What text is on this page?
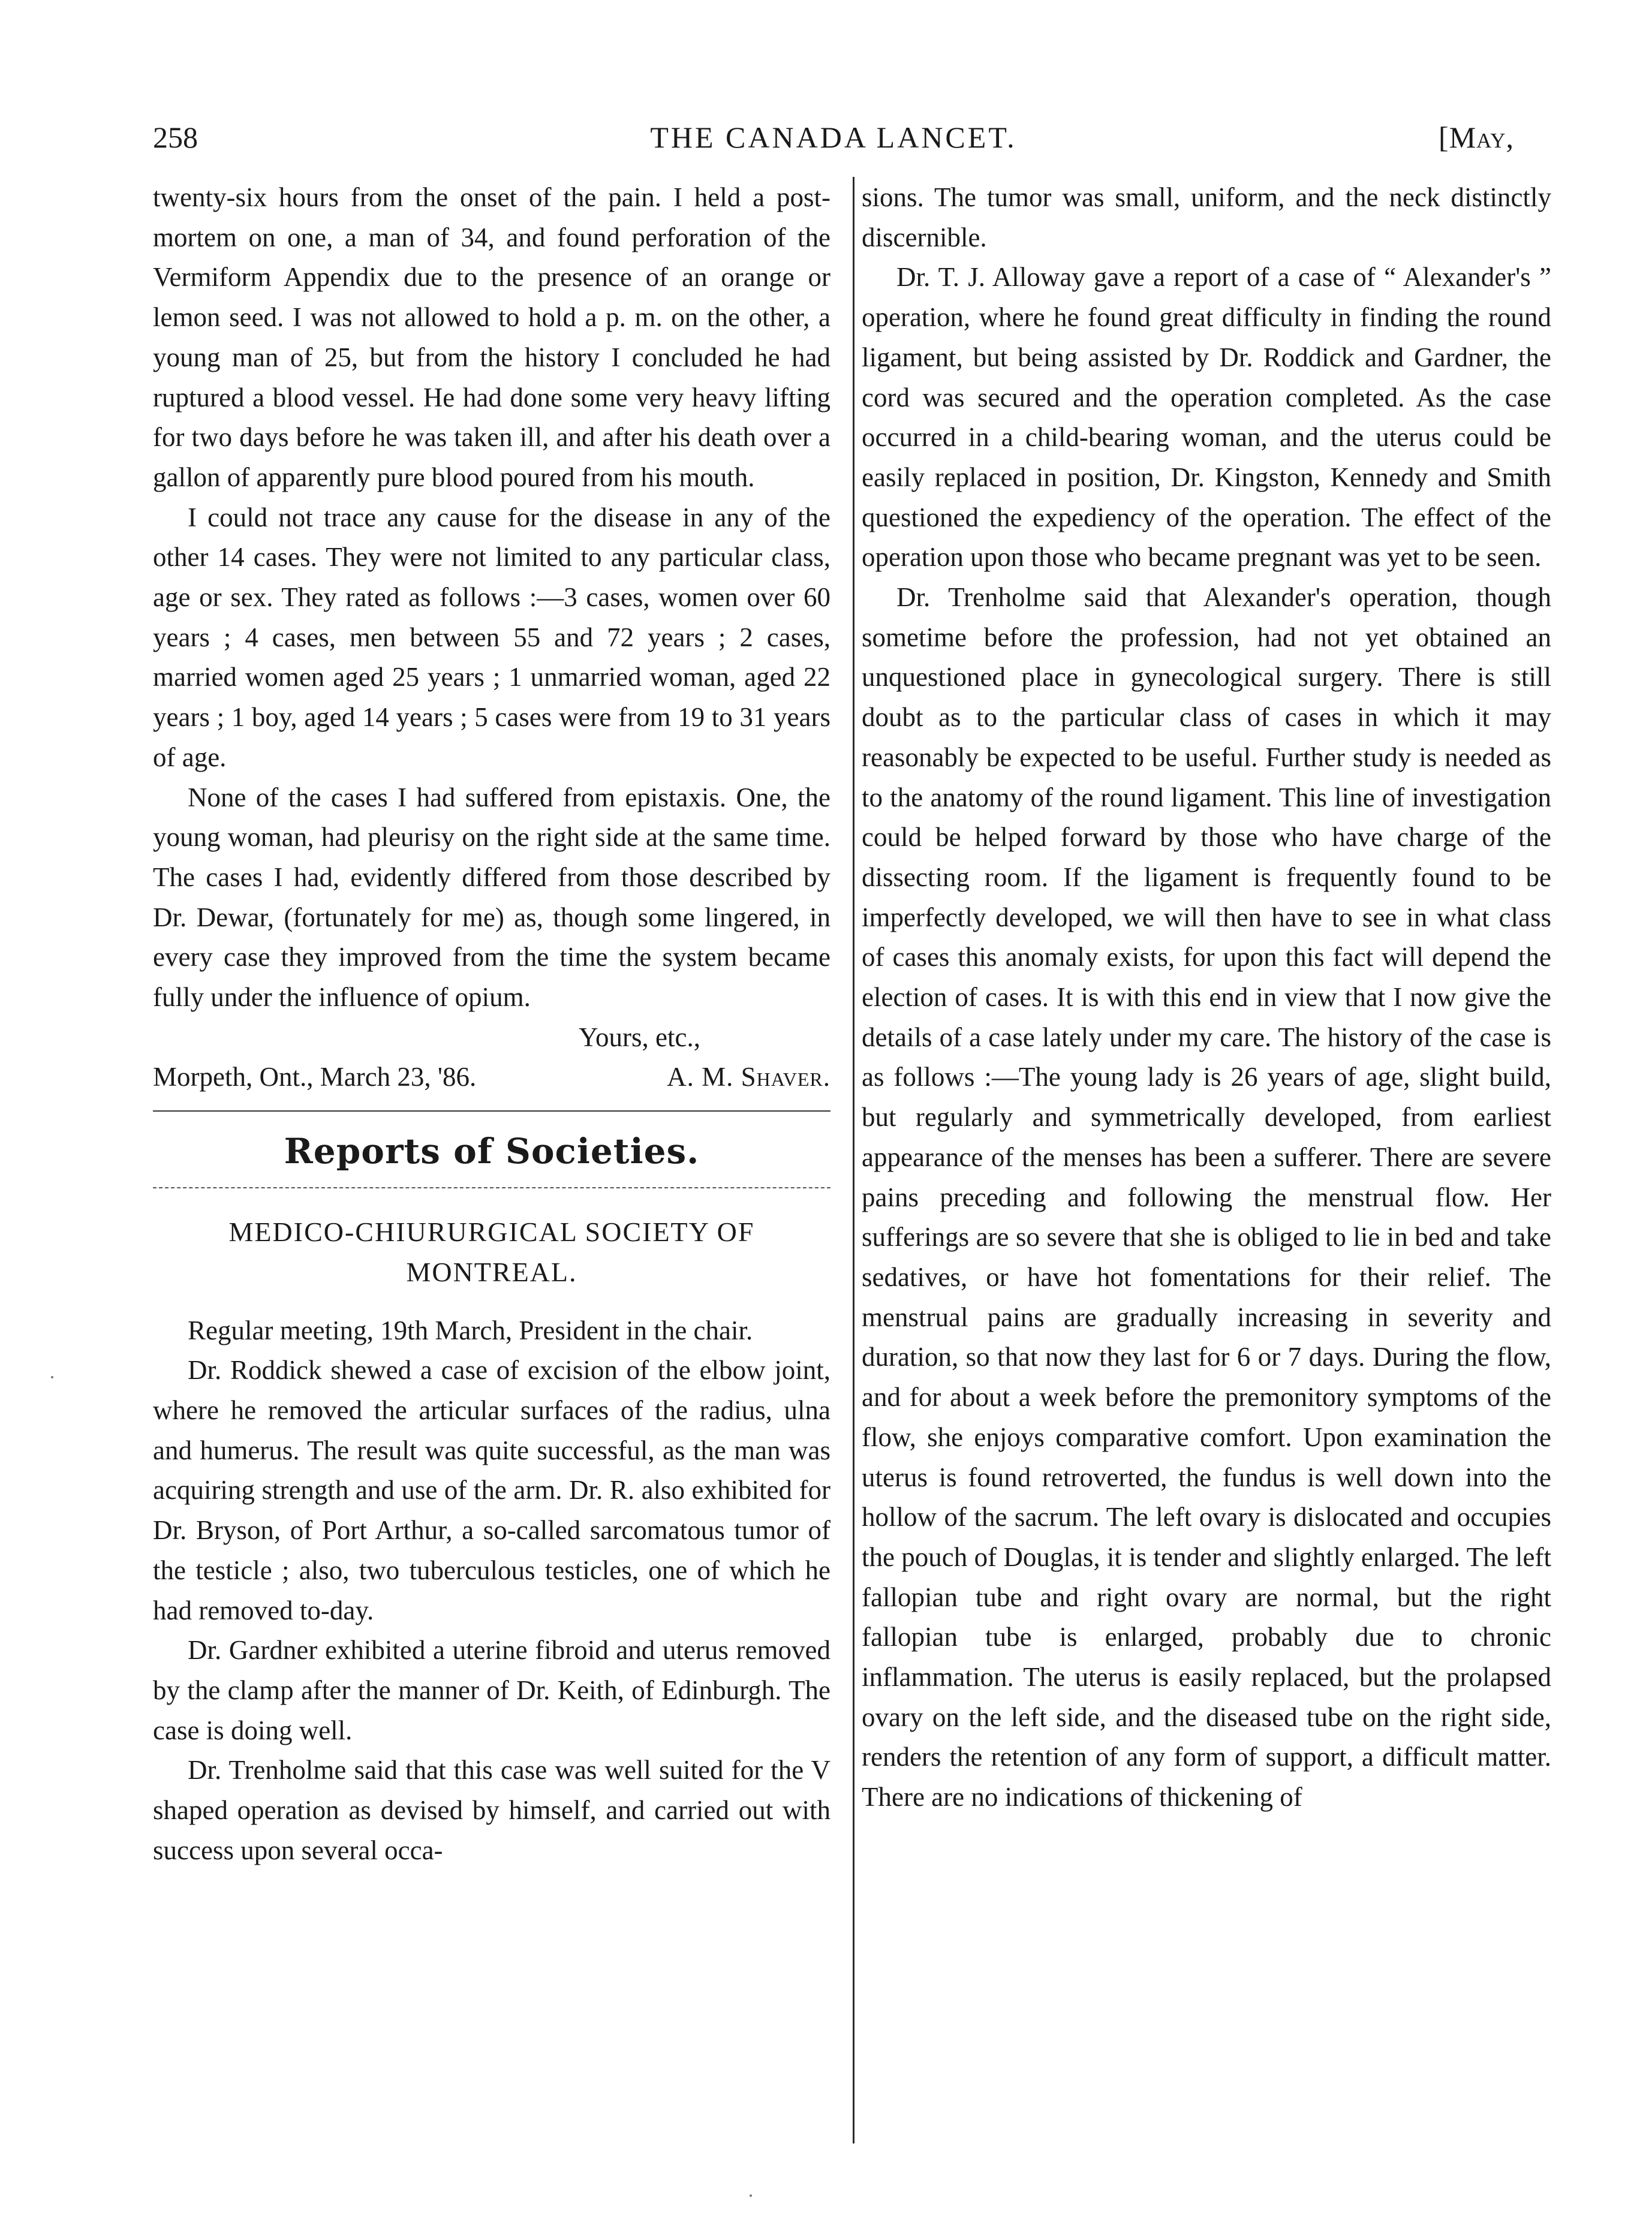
258	THE CANADA LANCET.	[May,

twenty-six hours from the onset of the pain. I held a post-mortem on one, a man of 34, and found perforation of the Vermiform Appendix due to the presence of an orange or lemon seed. I was not allowed to hold a p. m. on the other, a young man of 25, but from the history I concluded he had ruptured a blood vessel. He had done some very heavy lifting for two days before he was taken ill, and after his death over a gallon of apparently pure blood poured from his mouth.

I could not trace any cause for the disease in any of the other 14 cases. They were not limited to any particular class, age or sex. They rated as follows :—3 cases, women over 60 years ; 4 cases, men between 55 and 72 years ; 2 cases, married women aged 25 years ; 1 unmarried woman, aged 22 years ; 1 boy, aged 14 years ; 5 cases were from 19 to 31 years of age.

None of the cases I had suffered from epistaxis. One, the young woman, had pleurisy on the right side at the same time. The cases I had, evidently differed from those described by Dr. Dewar, (fortunately for me) as, though some lingered, in every case they improved from the time the system became fully under the influence of opium.

Yours, etc.,
Morpeth, Ont., March 23, '86.	A. M. Shaver.
Reports of Societies.
MEDICO-CHIURURGICAL SOCIETY OF MONTREAL.

Regular meeting, 19th March, President in the chair.

Dr. Roddick shewed a case of excision of the elbow joint, where he removed the articular surfaces of the radius, ulna and humerus. The result was quite successful, as the man was acquiring strength and use of the arm. Dr. R. also exhibited for Dr. Bryson, of Port Arthur, a so-called sarcomatous tumor of the testicle ; also, two tuberculous testicles, one of which he had removed to-day.

Dr. Gardner exhibited a uterine fibroid and uterus removed by the clamp after the manner of Dr. Keith, of Edinburgh. The case is doing well.

Dr. Trenholme said that this case was well suited for the V shaped operation as devised by himself, and carried out with success upon several occa-

sions. The tumor was small, uniform, and the neck distinctly discernible.

Dr. T. J. Alloway gave a report of a case of “ Alexander's ” operation, where he found great difficulty in finding the round ligament, but being assisted by Dr. Roddick and Gardner, the cord was secured and the operation completed. As the case occurred in a child-bearing woman, and the uterus could be easily replaced in position, Dr. Kingston, Kennedy and Smith questioned the expediency of the operation. The effect of the operation upon those who became pregnant was yet to be seen.

Dr. Trenholme said that Alexander's operation, though sometime before the profession, had not yet obtained an unquestioned place in gynecological surgery. There is still doubt as to the particular class of cases in which it may reasonably be expected to be useful. Further study is needed as to the anatomy of the round ligament. This line of investigation could be helped forward by those who have charge of the dissecting room. If the ligament is frequently found to be imperfectly developed, we will then have to see in what class of cases this anomaly exists, for upon this fact will depend the election of cases. It is with this end in view that I now give the details of a case lately under my care. The history of the case is as follows :—The young lady is 26 years of age, slight build, but regularly and symmetrically developed, from earliest appearance of the menses has been a sufferer. There are severe pains preceding and following the menstrual flow. Her sufferings are so severe that she is obliged to lie in bed and take sedatives, or have hot fomentations for their relief. The menstrual pains are gradually increasing in severity and duration, so that now they last for 6 or 7 days. During the flow, and for about a week before the premonitory symptoms of the flow, she enjoys comparative comfort. Upon examination the uterus is found retroverted, the fundus is well down into the hollow of the sacrum. The left ovary is dislocated and occupies the pouch of Douglas, it is tender and slightly enlarged. The left fallopian tube and right ovary are normal, but the right fallopian tube is enlarged, probably due to chronic inflammation. The uterus is easily replaced, but the prolapsed ovary on the left side, and the diseased tube on the right side, renders the retention of any form of support, a difficult matter. There are no indications of thickening of
